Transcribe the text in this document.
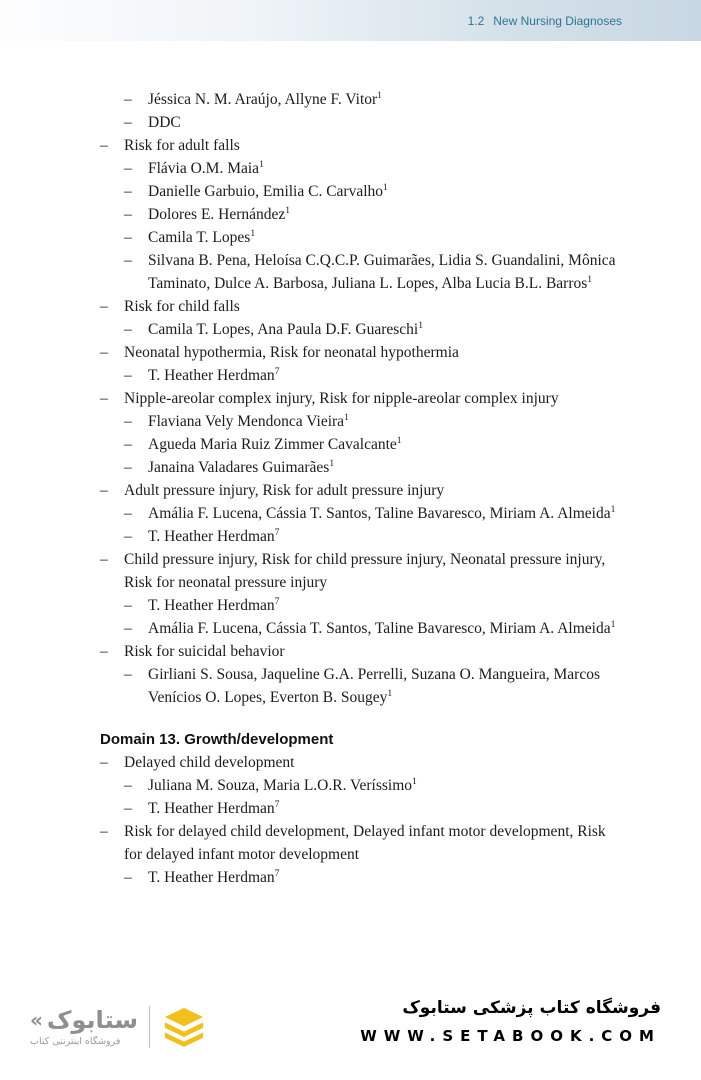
1.2 New Nursing Diagnoses
– Jéssica N. M. Araújo, Allyne F. Vitor$^1$
– DDC
– Risk for adult falls
– Flávia O.M. Maia$^1$
– Danielle Garbuio, Emilia C. Carvalho$^1$
– Dolores E. Hernández$^1$
– Camila T. Lopes$^1$
– Silvana B. Pena, Heloísa C.Q.C.P. Guimarães, Lidia S. Guandalini, Mônica Taminato, Dulce A. Barbosa, Juliana L. Lopes, Alba Lucia B.L. Barros$^1$
– Risk for child falls
– Camila T. Lopes, Ana Paula D.F. Guareschi$^1$
– Neonatal hypothermia, Risk for neonatal hypothermia
– T. Heather Herdman$^7$
– Nipple-areolar complex injury, Risk for nipple-areolar complex injury
– Flaviana Vely Mendonca Vieira$^1$
– Agueda Maria Ruiz Zimmer Cavalcante$^1$
– Janaina Valadares Guimarães$^1$
– Adult pressure injury, Risk for adult pressure injury
– Amália F. Lucena, Cássia T. Santos, Taline Bavaresco, Miriam A. Almeida$^1$
– T. Heather Herdman$^7$
– Child pressure injury, Risk for child pressure injury, Neonatal pressure injury, Risk for neonatal pressure injury
– T. Heather Herdman$^7$
– Amália F. Lucena, Cássia T. Santos, Taline Bavaresco, Miriam A. Almeida$^1$
– Risk for suicidal behavior
– Girliani S. Sousa, Jaqueline G.A. Perrelli, Suzana O. Mangueira, Marcos Venícios O. Lopes, Everton B. Sougey$^1$
Domain 13. Growth/development
– Delayed child development
– Juliana M. Souza, Maria L.O.R. Veríssimo$^1$
– T. Heather Herdman$^7$
– Risk for delayed child development, Delayed infant motor development, Risk for delayed infant motor development
– T. Heather Herdman$^7$
« ستابوک
فروشگاه اینترنتی کتاب
فروشگاه کتاب پزشکی ستابوک
WWW.SETABOOK.COM
